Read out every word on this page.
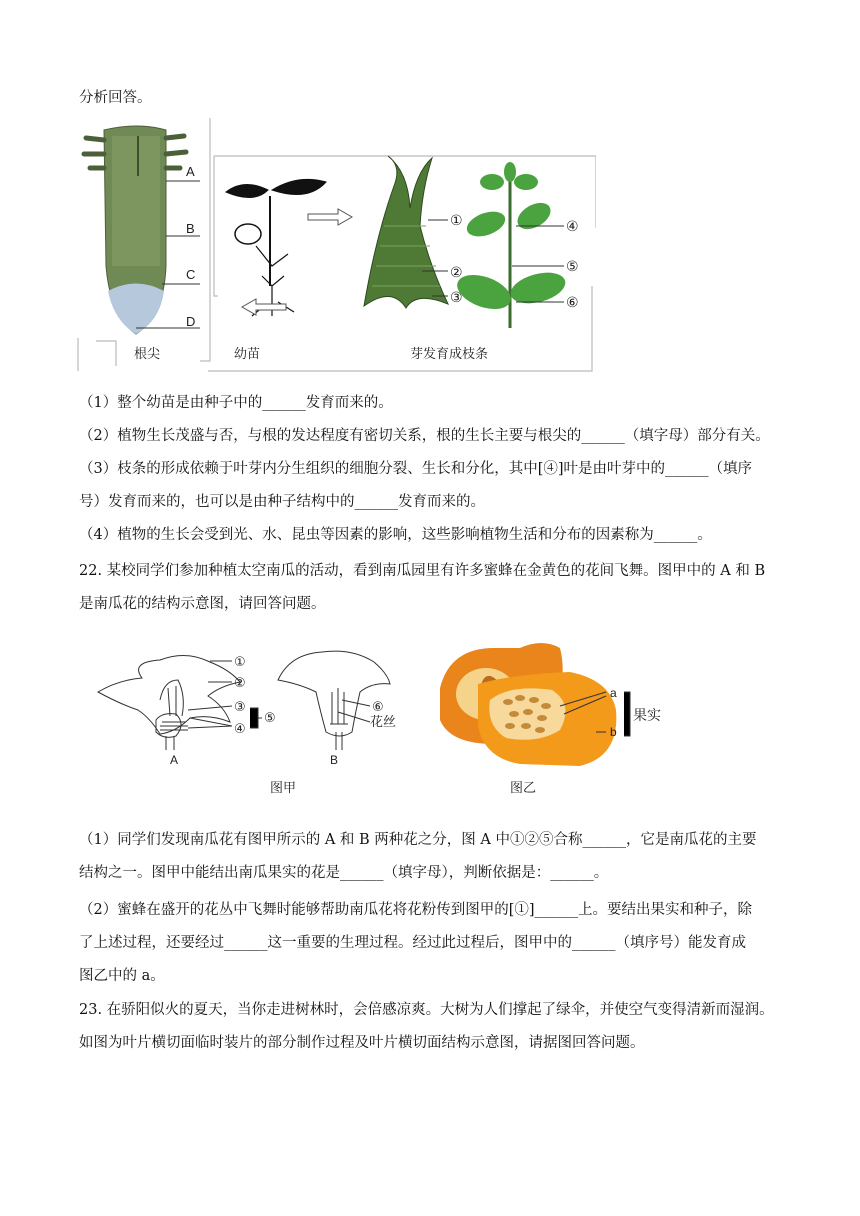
分析回答。
A
B
C
D
根尖	幼苗
①
②
③
④
⑤
⑥
芽发育成枝条
（1）整个幼苗是由种子中的______发育而来的。
（2）植物生长茂盛与否，与根的发达程度有密切关系，根的生长主要与根尖的______（填字母）部分有关。
（3）枝条的形成依赖于叶芽内分生组织的细胞分裂、生长和分化，其中[④]叶是由叶芽中的______（填序
号）发育而来的，也可以是由种子结构中的______发育而来的。
（4）植物的生长会受到光、水、昆虫等因素的影响，这些影响植物生活和分布的因素称为______。
22. 某校同学们参加种植太空南瓜的活动，看到南瓜园里有许多蜜蜂在金黄色的花间飞舞。图甲中的 A 和 B
是南瓜花的结构示意图，请回答问题。
①
②
③
④
⑤
A
⑥
花丝
B
a
b
果实
图甲	图乙
（1）同学们发现南瓜花有图甲所示的 A 和 B 两种花之分，图 A 中①②⑤合称______，它是南瓜花的主要
结构之一。图甲中能结出南瓜果实的花是______（填字母），判断依据是：______。
（2）蜜蜂在盛开的花丛中飞舞时能够帮助南瓜花将花粉传到图甲的[①]______上。要结出果实和种子，除
了上述过程，还要经过______这一重要的生理过程。经过此过程后，图甲中的______（填序号）能发育成
图乙中的 a。
23. 在骄阳似火的夏天，当你走进树林时，会倍感凉爽。大树为人们撑起了绿伞，并使空气变得清新而湿润。
如图为叶片横切面临时装片的部分制作过程及叶片横切面结构示意图，请据图回答问题。
